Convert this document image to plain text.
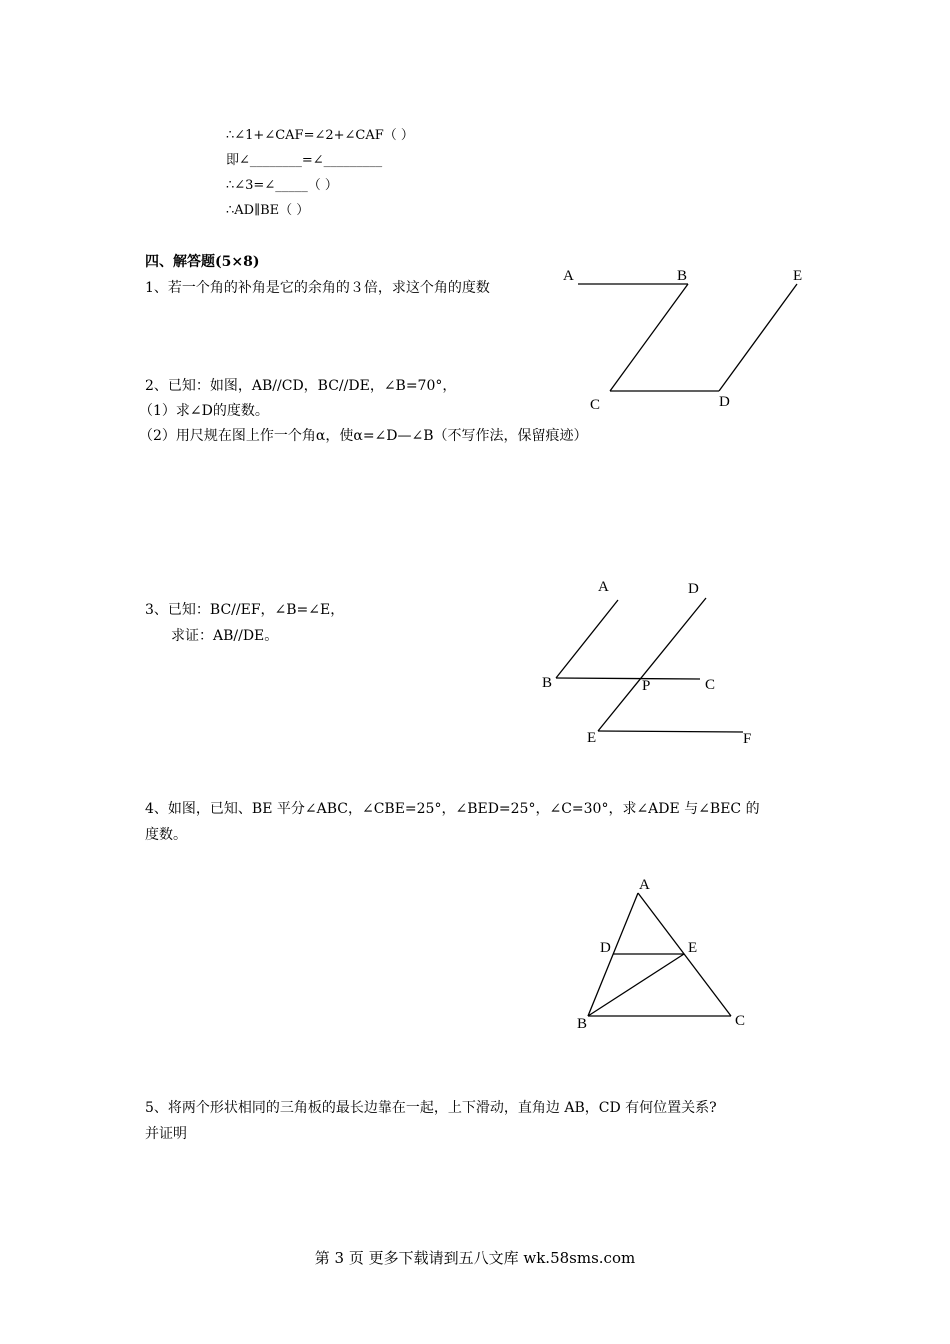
∴∠1+∠CAF=∠2+∠CAF（ ）
即∠________=∠_________
∴∠3=∠_____（ ）
∴AD∥BE（ ）
四、解答题(5×8)
1、若一个角的补角是它的余角的３倍，求这个角的度数
2、已知：如图，AB//CD，BC//DE，∠B=70°，
（1）求∠D的度数。
（2）用尺规在图上作一个角α，使α=∠D—∠B（不写作法，保留痕迹）
A	B	E
C	D
A	D
B	P	C
E	F
A
D	E
B	C
3、已知：BC//EF，∠B=∠E，
求证：AB//DE。
4、如图，已知、BE 平分∠ABC，∠CBE=25°，∠BED=25°，∠C=30°，求∠ADE 与∠BEC 的
度数。
5、将两个形状相同的三角板的最长边靠在一起，上下滑动，直角边 AB，CD 有何位置关系?
并证明
第 3 页 更多下载请到五八文库 wk.58sms.com
